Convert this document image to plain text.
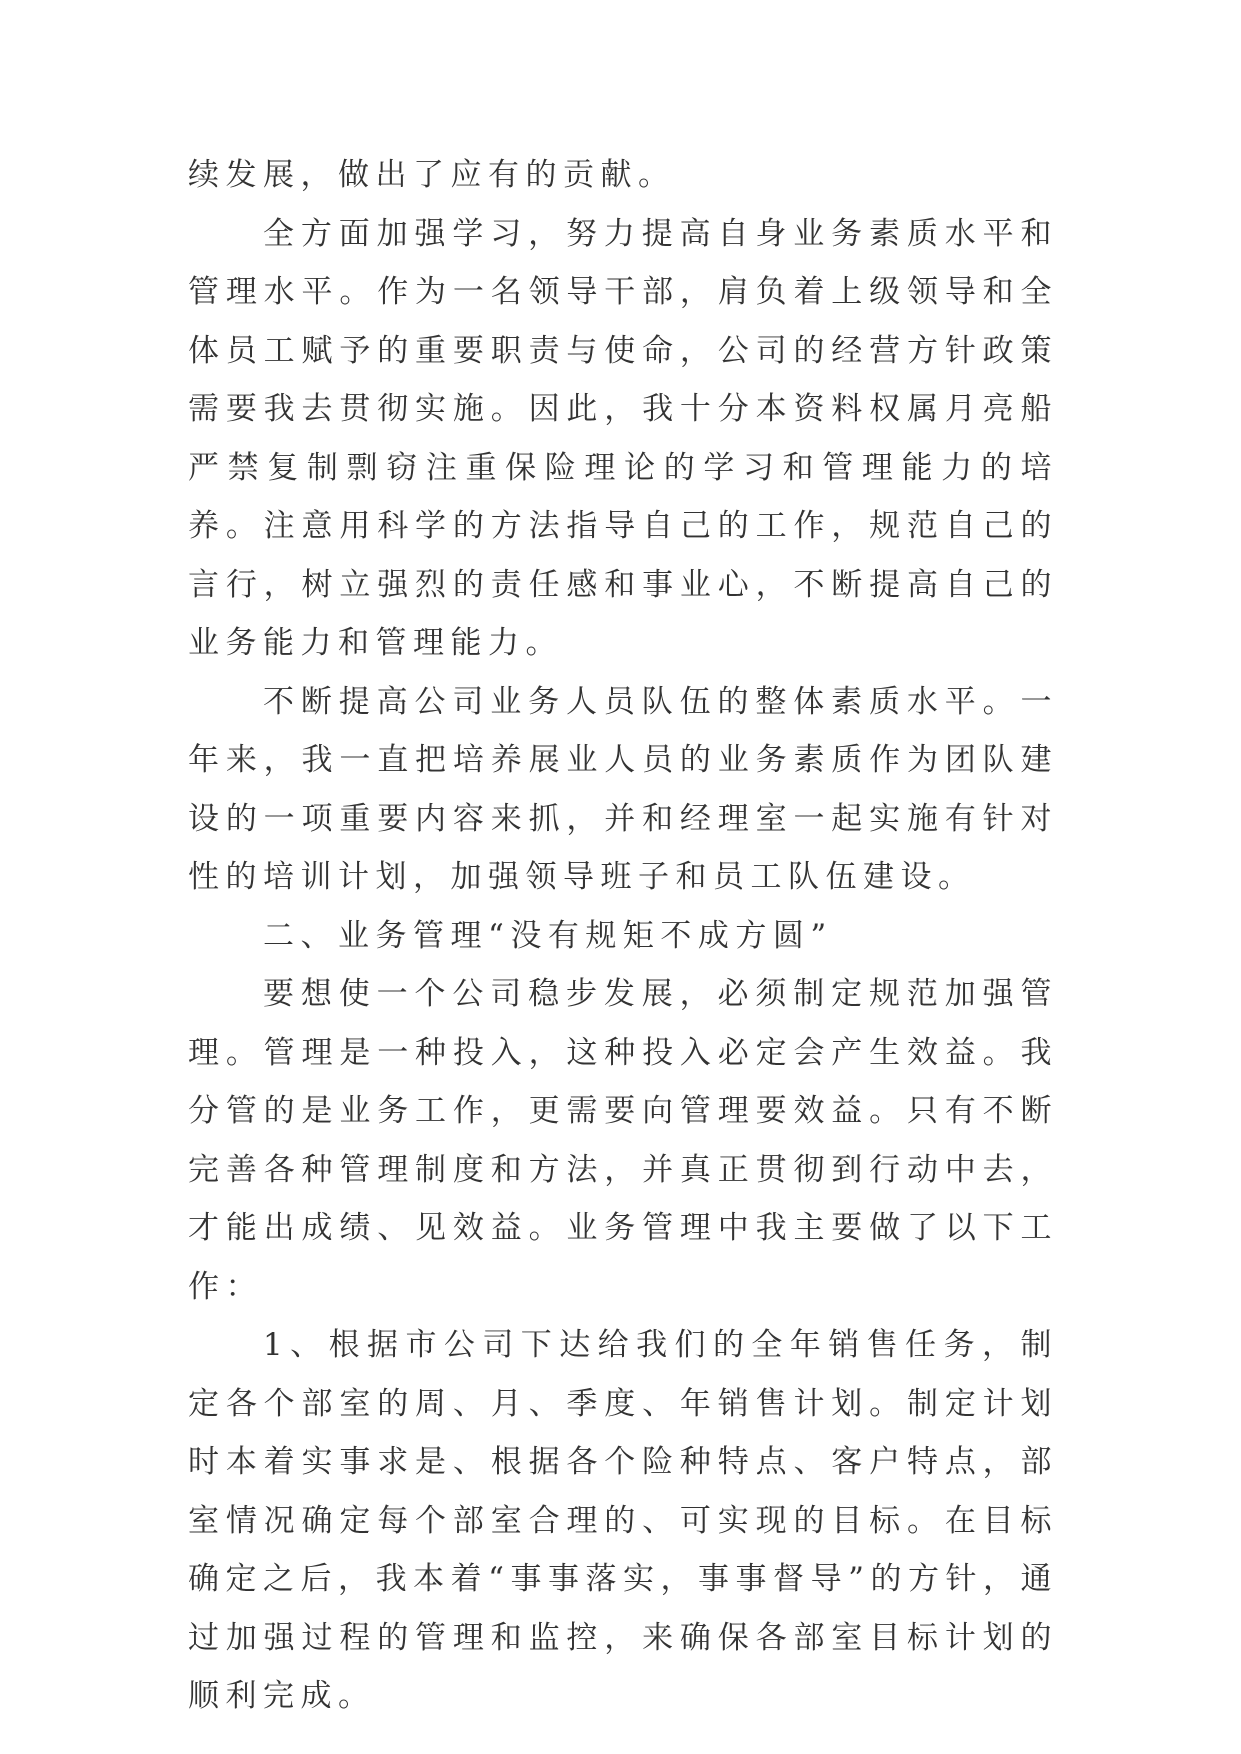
续发展，做出了应有的贡献。

全方面加强学习，努力提高自身业务素质水平和管理水平。作为一名领导干部，肩负着上级领导和全体员工赋予的重要职责与使命，公司的经营方针政策需要我去贯彻实施。因此，我十分本资料权属月亮船严禁复制剽窃注重保险理论的学习和管理能力的培养。注意用科学的方法指导自己的工作，规范自己的言行，树立强烈的责任感和事业心，不断提高自己的业务能力和管理能力。

不断提高公司业务人员队伍的整体素质水平。一年来，我一直把培养展业人员的业务素质作为团队建设的一项重要内容来抓，并和经理室一起实施有针对性的培训计划，加强领导班子和员工队伍建设。

二、业务管理“没有规矩不成方圆”

要想使一个公司稳步发展，必须制定规范加强管理。管理是一种投入，这种投入必定会产生效益。我分管的是业务工作，更需要向管理要效益。只有不断完善各种管理制度和方法，并真正贯彻到行动中去，才能出成绩、见效益。业务管理中我主要做了以下工作：

1、根据市公司下达给我们的全年销售任务，制定各个部室的周、月、季度、年销售计划。制定计划时本着实事求是、根据各个险种特点、客户特点，部室情况确定每个部室合理的、可实现的目标。在目标确定之后，我本着“事事落实，事事督导”的方针，通过加强过程的管理和监控，来确保各部室目标计划的顺利完成。
